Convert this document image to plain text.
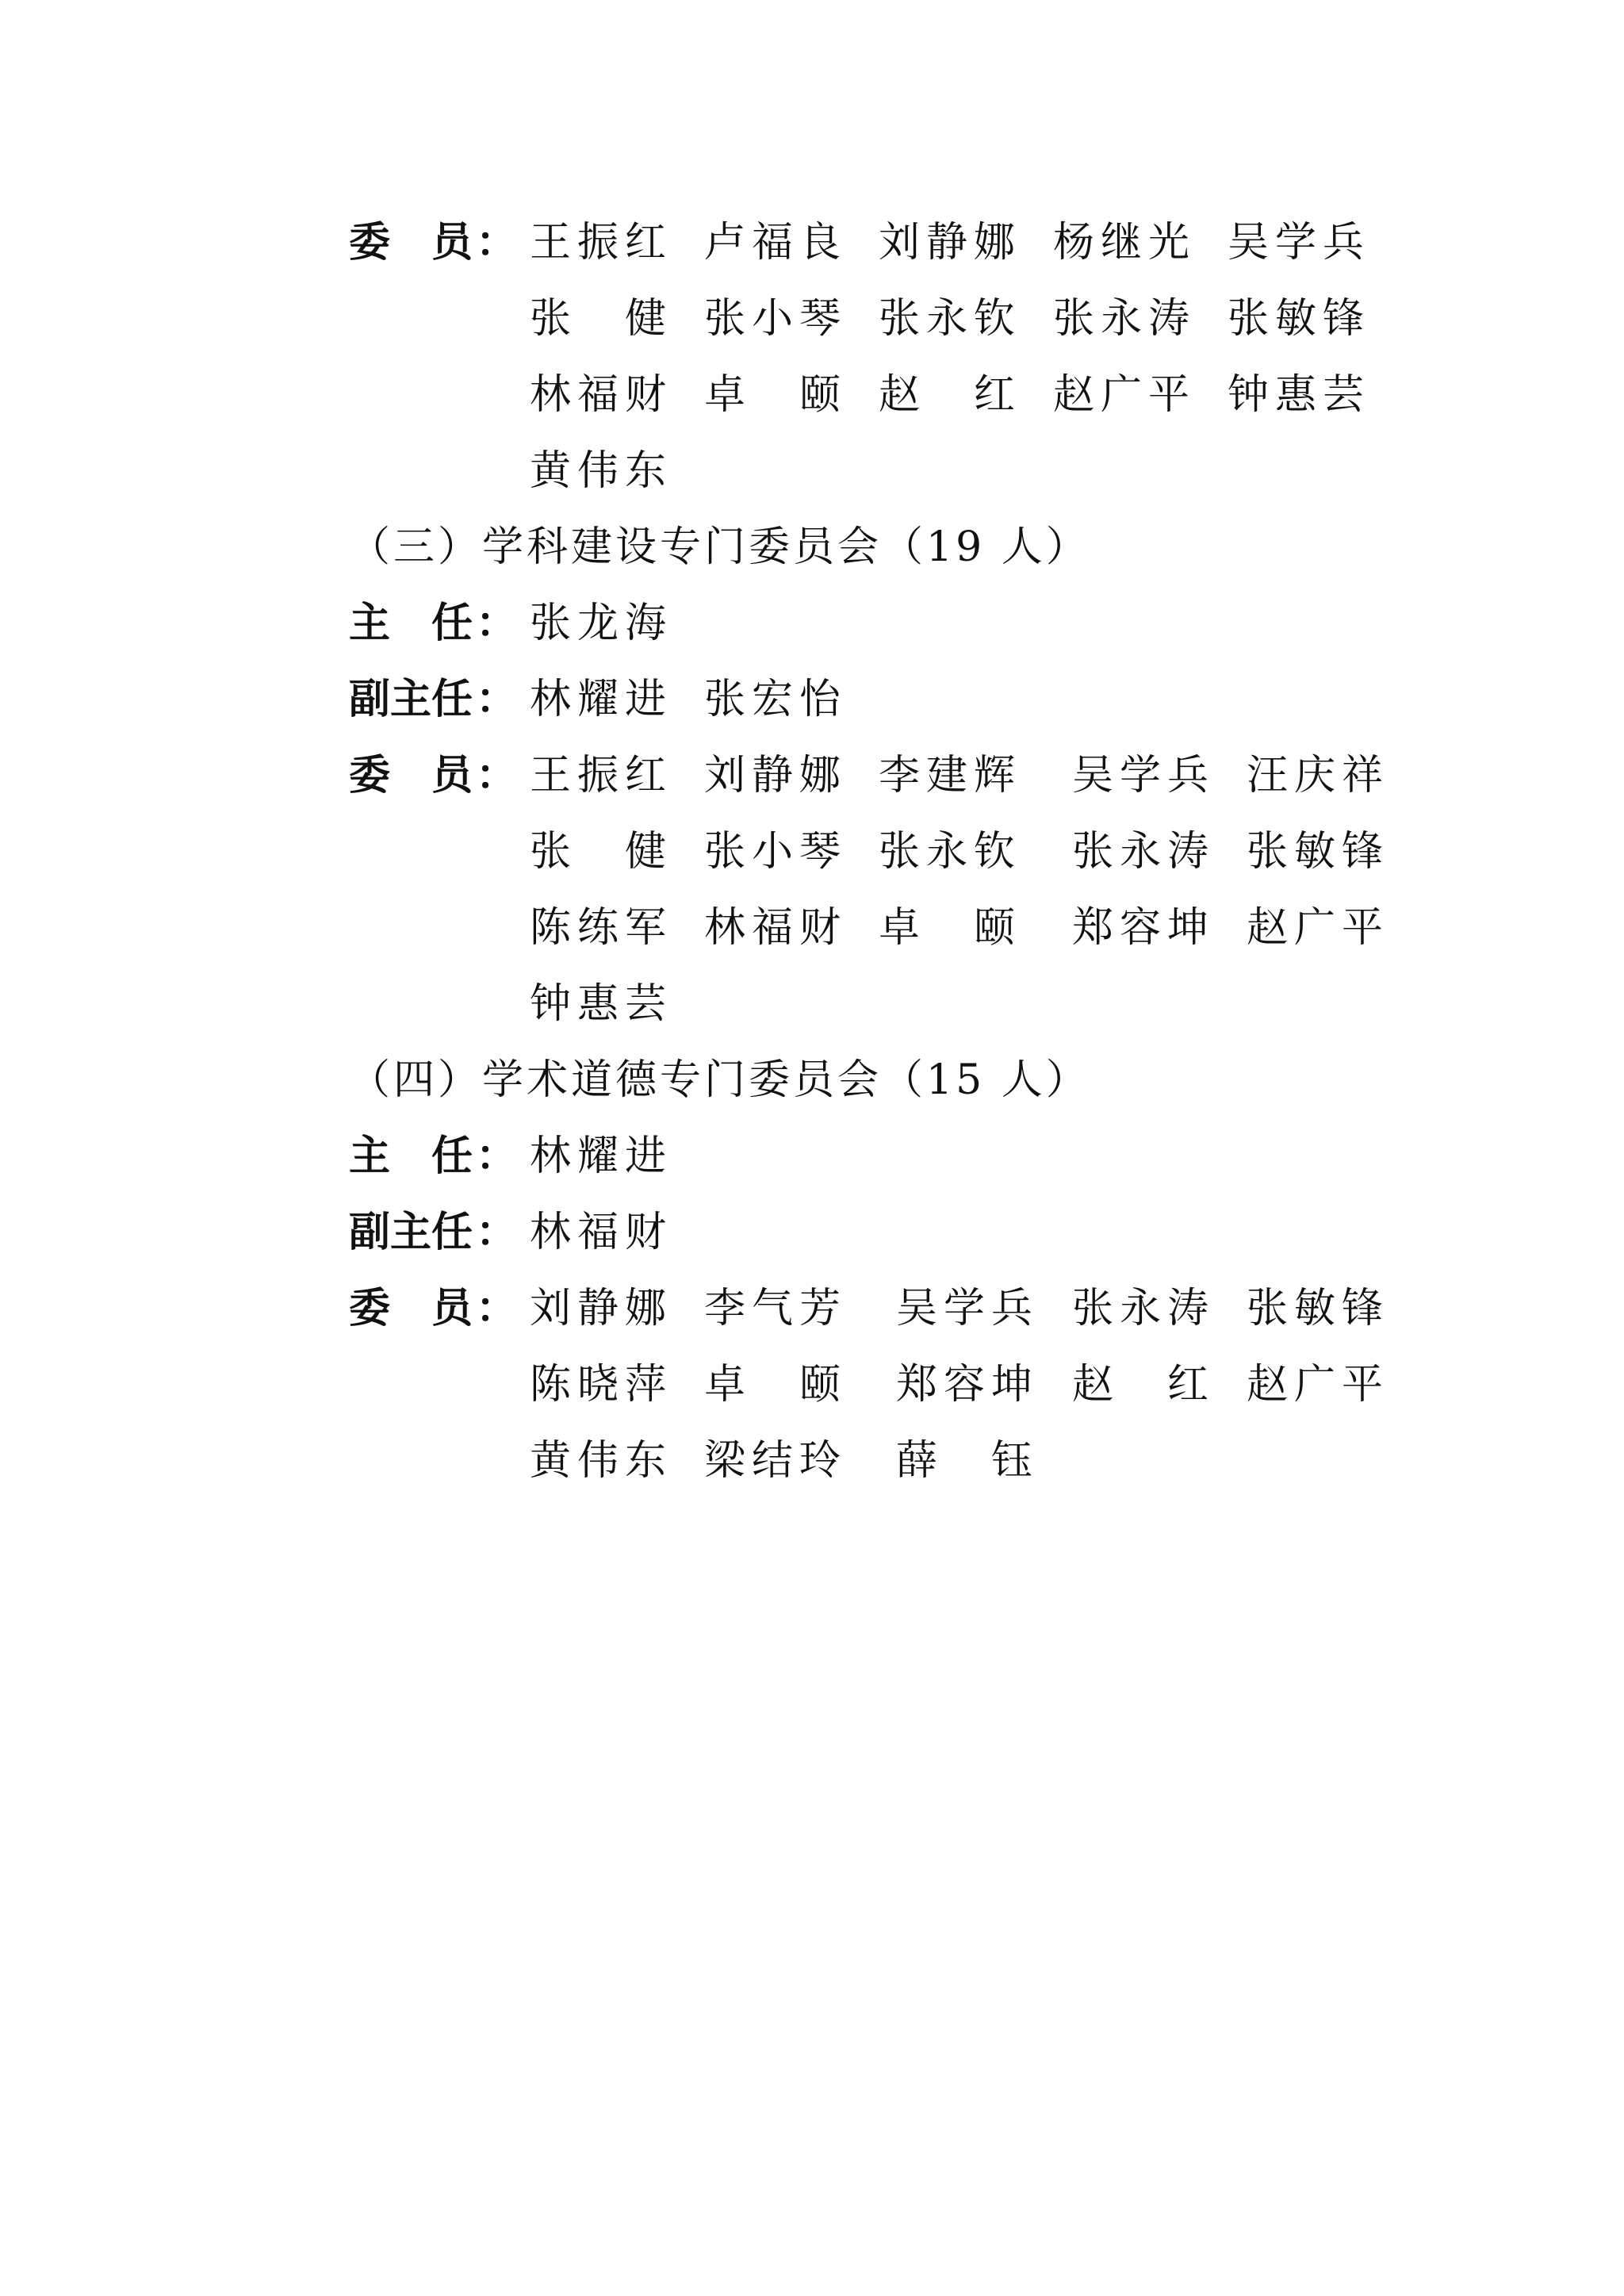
委　员 ： 王振红 卢福良 刘静娜 杨继光 吴学兵
张　健 张小琴 张永钦 张永涛 张敏锋
林福财 卓　颐 赵　红 赵广平 钟惠芸
黄伟东
（三）学科建设专门委员会（19 人）
主　任 ： 张龙海
副主任 ： 林耀进 张宏怡
委　员 ： 王振红 刘静娜 李建辉 吴学兵 汪庆祥
张　健 张小琴 张永钦 张永涛 张敏锋
陈练军 林福财 卓　颐 郑容坤 赵广平
钟惠芸
（四）学术道德专门委员会（15 人）
主　任 ： 林耀进
副主任 ： 林福财
委　员 ： 刘静娜 李气芳 吴学兵 张永涛 张敏锋
陈晓萍 卓　颐 郑容坤 赵　红 赵广平
黄伟东 梁结玲 薛　钰
